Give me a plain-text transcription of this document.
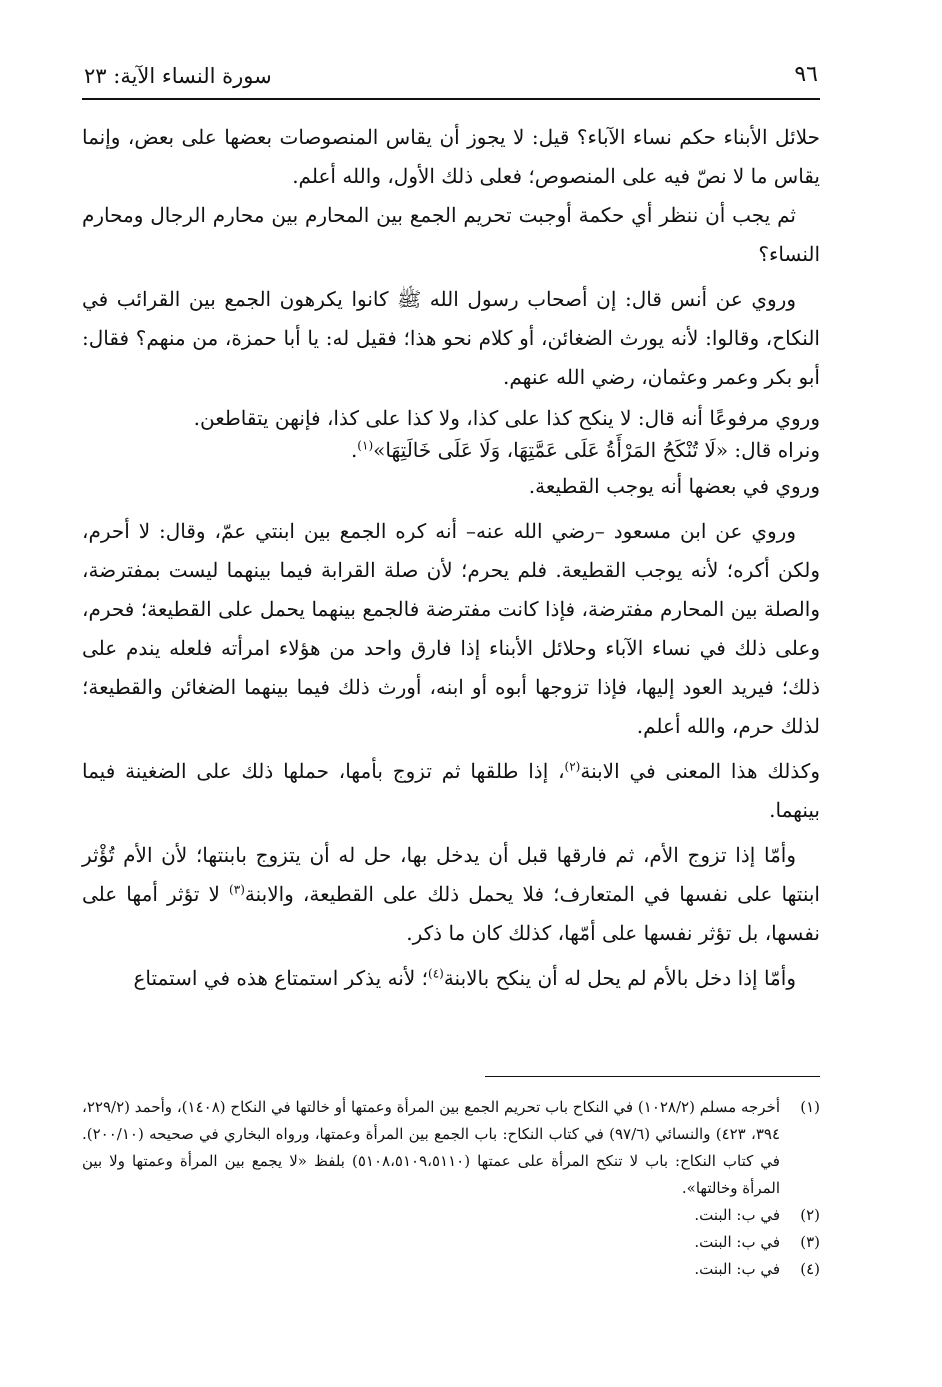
٩٦
سورة النساء الآية: ٢٣

حلائل الأبناء حكم نساء الآباء؟ قيل: لا يجوز أن يقاس المنصوصات بعضها على بعض، وإنما يقاس ما لا نصّ فيه على المنصوص؛ فعلى ذلك الأول، والله أعلم.

ثم يجب أن ننظر أي حكمة أوجبت تحريم الجمع بين المحارم بين محارم الرجال ومحارم النساء؟

وروي عن أنس قال: إن أصحاب رسول الله ﷺ كانوا يكرهون الجمع بين القرائب في النكاح، وقالوا: لأنه يورث الضغائن، أو كلام نحو هذا؛ فقيل له: يا أبا حمزة، من منهم؟ فقال: أبو بكر وعمر وعثمان، رضي الله عنهم.

وروي مرفوعًا أنه قال: لا ينكح كذا على كذا، ولا كذا على كذا، فإنهن يتقاطعن.

ونراه قال: «لَا تُنْكَحُ المَرْأَةُ عَلَى عَمَّتِهَا، وَلَا عَلَى خَالَتِهَا»$^{(١)}$.

وروي في بعضها أنه يوجب القطيعة.

وروي عن ابن مسعود –رضي الله عنه– أنه كره الجمع بين ابنتي عمّ، وقال: لا أحرم، ولكن أكره؛ لأنه يوجب القطيعة. فلم يحرم؛ لأن صلة القرابة فيما بينهما ليست بمفترضة، والصلة بين المحارم مفترضة، فإذا كانت مفترضة فالجمع بينهما يحمل على القطيعة؛ فحرم، وعلى ذلك في نساء الآباء وحلائل الأبناء إذا فارق واحد من هؤلاء امرأته فلعله يندم على ذلك؛ فيريد العود إليها، فإذا تزوجها أبوه أو ابنه، أورث ذلك فيما بينهما الضغائن والقطيعة؛ لذلك حرم، والله أعلم.

وكذلك هذا المعنى في الابنة$^{(٢)}$، إذا طلقها ثم تزوج بأمها، حملها ذلك على الضغينة فيما بينهما.

وأمّا إذا تزوج الأم، ثم فارقها قبل أن يدخل بها، حل له أن يتزوج بابنتها؛ لأن الأم تُؤْثر ابنتها على نفسها في المتعارف؛ فلا يحمل ذلك على القطيعة، والابنة$^{(٣)}$ لا تؤثر أمها على نفسها، بل تؤثر نفسها على أمّها، كذلك كان ما ذكر.

وأمّا إذا دخل بالأم لم يحل له أن ينكح بالابنة$^{(٤)}$؛ لأنه يذكر استمتاع هذه في استمتاع

(١)
أخرجه مسلم (١٠٢٨/٢) في النكاح باب تحريم الجمع بين المرأة وعمتها أو خالتها في النكاح (١٤٠٨)، وأحمد (٢٢٩/٢، ٣٩٤، ٤٢٣) والنسائي (٩٧/٦) في كتاب النكاح: باب الجمع بين المرأة وعمتها، ورواه البخاري في صحيحه (٢٠٠/١٠). في كتاب النكاح: باب لا تنكح المرأة على عمتها (٥١٠٨،٥١٠٩،٥١١٠) بلفظ «لا يجمع بين المرأة وعمتها ولا بين المرأة وخالتها».
(٢)
في ب: البنت.
(٣)
في ب: البنت.
(٤)
في ب: البنت.
